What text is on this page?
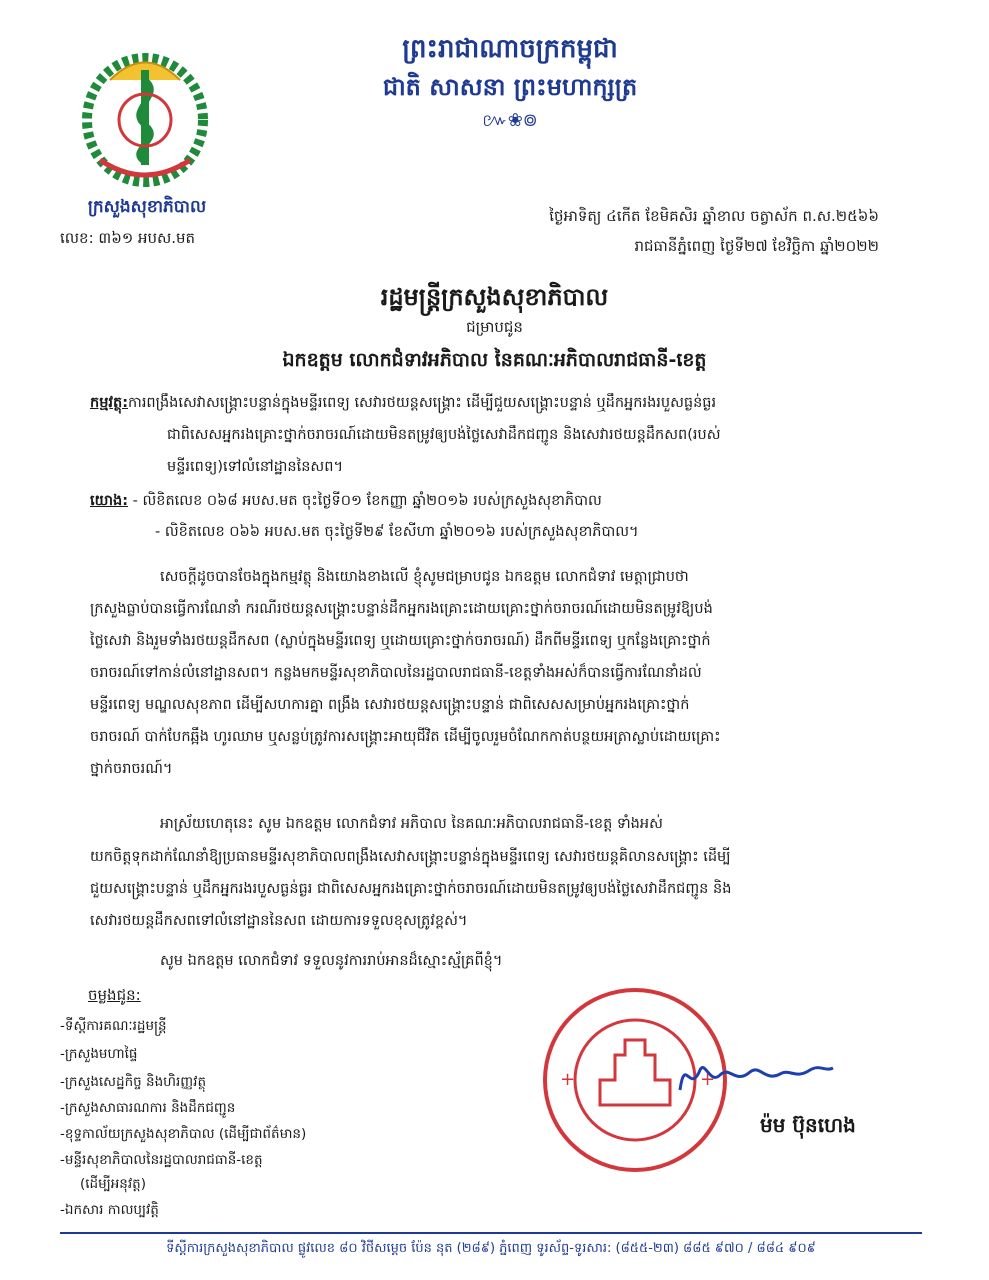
ព្រះរាជាណាចក្រកម្ពុជា
ជាតិ សាសនា ព្រះមហាក្សត្រ
៚❀៙
ក្រសួងសុខាភិបាល
លេខ: ៣៦១ អបស.មត
ថ្ងៃអាទិត្យ ៤កើត ខែមិគសិរ ឆ្នាំខាល ចត្វាស័ក ព.ស.២៥៦៦
រាជធានីភ្នំពេញ ថ្ងៃទី២៧ ខែវិច្ឆិកា ឆ្នាំ២០២២
រដ្ឋមន្ត្រីក្រសួងសុខាភិបាល
ជម្រាបជូន
ឯកឧត្តម លោកជំទាវអភិបាល នៃគណៈអភិបាលរាជធានី-ខេត្ត
កម្មវត្ថុ:ការពង្រឹងសេវាសង្គ្រោះបន្ទាន់ក្នុងមន្ទីរពេទ្យ សេវារថយន្តសង្គ្រោះ ដើម្បីជួយសង្គ្រោះបន្ទាន់ ឬដឹកអ្នករងរបួសធ្ងន់ធ្ងរ
ជាពិសេសអ្នករងគ្រោះថ្នាក់ចរាចរណ៍ដោយមិនតម្រូវឲ្យបង់ថ្លៃសេវាដឹកជញ្ជូន និងសេវារថយន្តដឹកសព(របស់
មន្ទីរពេទ្យ)ទៅលំនៅដ្ឋាននៃសព។
យោង: - លិខិតលេខ ០៦៨ អបស.មត ចុះថ្ងៃទី០១ ខែកញ្ញា ឆ្នាំ២០១៦ របស់ក្រសួងសុខាភិបាល
- លិខិតលេខ ០៦៦ អបស.មត ចុះថ្ងៃទី២៩ ខែសីហា ឆ្នាំ២០១៦ របស់ក្រសួងសុខាភិបាល។
សេចក្តីដូចបានចែងក្នុងកម្មវត្ថុ និងយោងខាងលើ ខ្ញុំសូមជម្រាបជូន ឯកឧត្តម លោកជំទាវ មេត្តាជ្រាបថា
ក្រសួងធ្លាប់បានធ្វើការណែនាំ ករណីរថយន្តសង្គ្រោះបន្ទាន់ដឹកអ្នករងគ្រោះដោយគ្រោះថ្នាក់ចរាចរណ៍ដោយមិនតម្រូវឱ្យបង់
ថ្លៃសេវា និងរួមទាំងរថយន្តដឹកសព (ស្លាប់ក្នុងមន្ទីរពេទ្យ ឬដោយគ្រោះថ្នាក់ចរាចរណ៍) ដឹកពីមន្ទីរពេទ្យ ឬកន្លែងគ្រោះថ្នាក់
ចរាចរណ៍ទៅកាន់លំនៅដ្ឋានសព។ កន្លងមកមន្ទីរសុខាភិបាលនៃរដ្ឋបាលរាជធានី-ខេត្តទាំងអស់ក៏បានធ្វើការណែនាំដល់
មន្ទីរពេទ្យ មណ្ឌលសុខភាព ដើម្បីសហការគ្នា ពង្រឹង សេវារថយន្តសង្គ្រោះបន្ទាន់ ជាពិសេសសម្រាប់អ្នករងគ្រោះថ្នាក់
ចរាចរណ៍ បាក់បែកឆ្អឹង ហូរឈាម ឬសន្លប់ត្រូវការសង្គ្រោះអាយុជីវិត ដើម្បីចូលរួមចំណែកកាត់បន្ថយអត្រាស្លាប់ដោយគ្រោះ
ថ្នាក់ចរាចរណ៍។
អាស្រ័យហេតុនេះ សូម ឯកឧត្តម លោកជំទាវ អភិបាល នៃគណៈអភិបាលរាជធានី-ខេត្ត ទាំងអស់
យកចិត្តទុកដាក់ណែនាំឱ្យប្រធានមន្ទីរសុខាភិបាលពង្រឹងសេវាសង្គ្រោះបន្ទាន់ក្នុងមន្ទីរពេទ្យ សេវារថយន្តគិលានសង្គ្រោះ ដើម្បី
ជួយសង្គ្រោះបន្ទាន់ ឬដឹកអ្នករងរបួសធ្ងន់ធ្ងរ ជាពិសេសអ្នករងគ្រោះថ្នាក់ចរាចរណ៍ដោយមិនតម្រូវឲ្យបង់ថ្លៃសេវាដឹកជញ្ជូន និង
សេវារថយន្តដឹកសពទៅលំនៅដ្ឋាននៃសព ដោយការទទួលខុសត្រូវខ្ពស់។
សូម ឯកឧត្តម លោកជំទាវ ទទួលនូវការរាប់អានដ៏ស្មោះស្ម័គ្រពីខ្ញុំ។
ចម្លងជូន:
-ទីស្តីការគណៈរដ្ឋមន្ត្រី
-ក្រសួងមហាផ្ទៃ
-ក្រសួងសេដ្ឋកិច្ច និងហិរញ្ញវត្ថុ
-ក្រសួងសាធារណការ និងដឹកជញ្ជូន
-ខុទ្ទកាល័យក្រសួងសុខាភិបាល (ដើម្បីជាព័ត៌មាន)
-មន្ទីរសុខាភិបាលនៃរដ្ឋបាលរាជធានី-ខេត្ត
(ដើម្បីអនុវត្ត)
-ឯកសារ កាលប្បវត្តិ
+	+
ម៉ម ប៊ុនហេង
ទីស្តីការក្រសួងសុខាភិបាល ផ្លូវលេខ ៨០ វិថីសម្តេច ប៉ែន នុត (២៨៩) ភ្នំពេញ ទូរស័ព្ទ-ទូរសារ: (៨៥៥-២៣) ៨៨៥ ៩៧០ / ៨៨៤ ៩០៩
